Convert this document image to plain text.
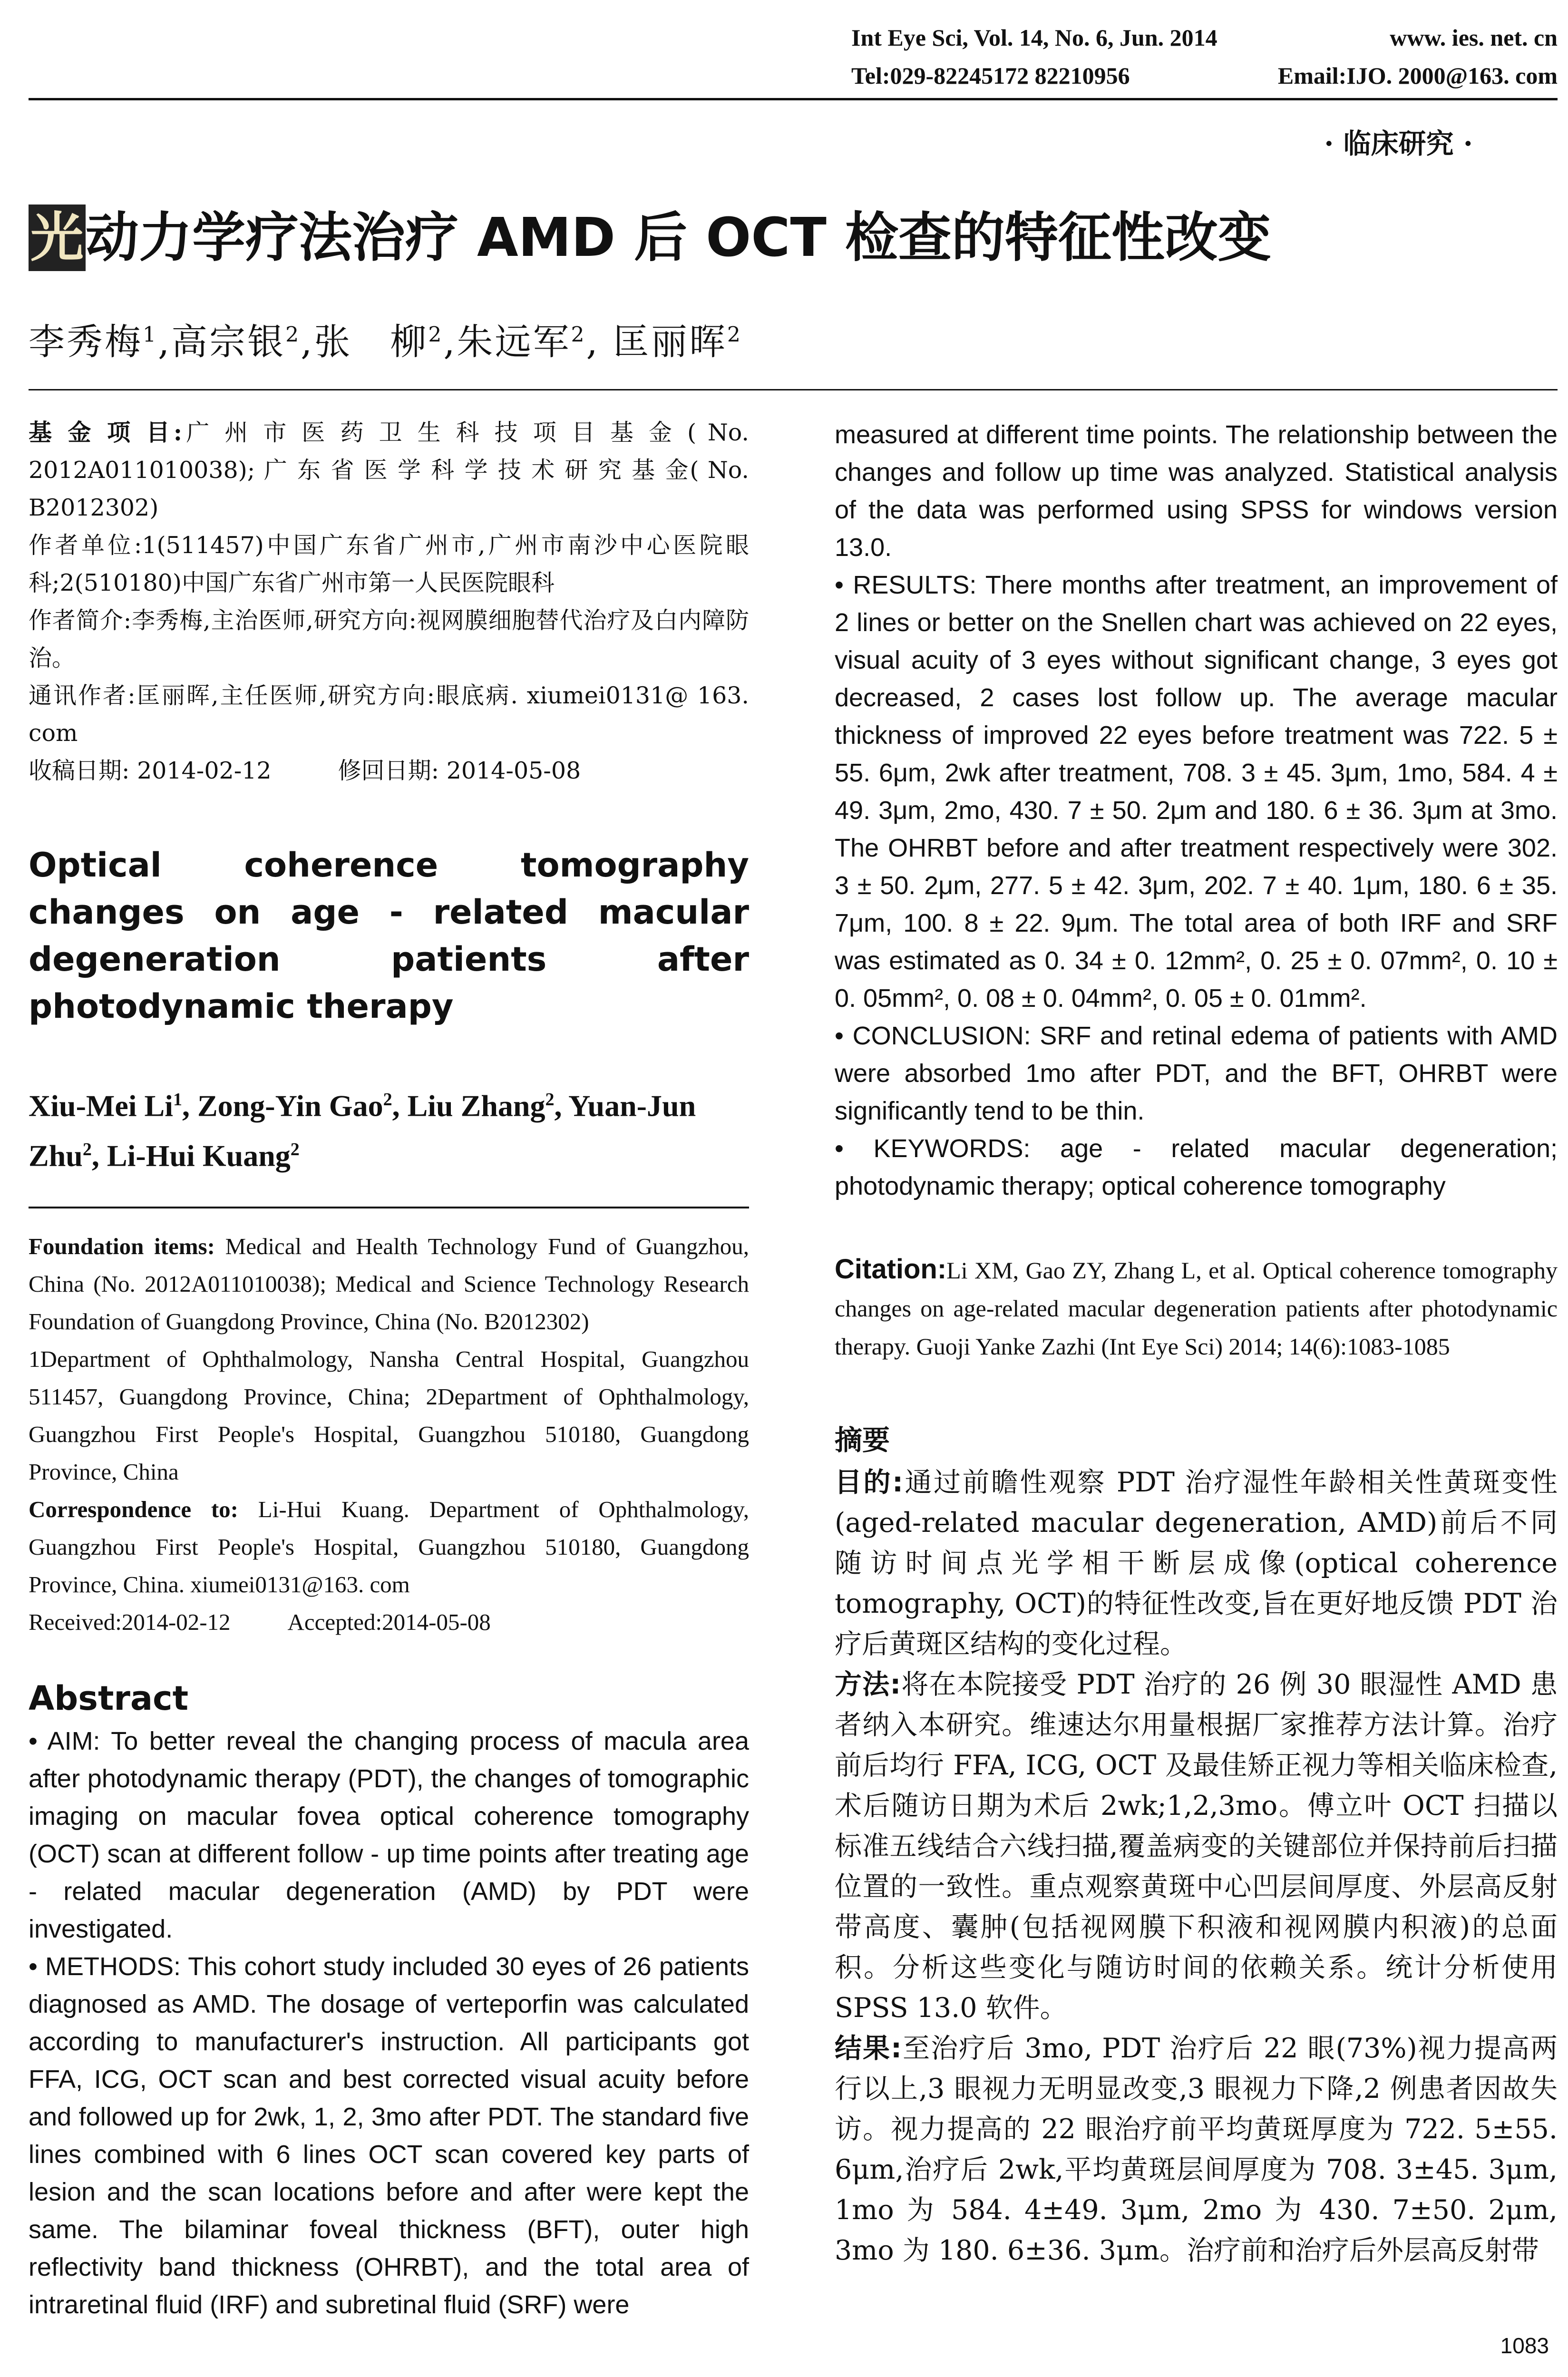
Int Eye Sci, Vol. 14, No. 6, Jun. 2014	www. ies. net. cn
Tel:029-82245172 82210956	Email:IJO. 2000@163. com
· 临床研究 ·
光动力学疗法治疗 AMD 后 OCT 检查的特征性改变
李秀梅$^1$,高宗银$^2$,张　柳$^2$,朱远军$^2$, 匡丽晖$^2$

基 金 项 目:广 州 市 医 药 卫 生 科 技 项 目 基 金 ( No. 2012A011010038); 广 东 省 医 学 科 学 技 术 研 究 基 金( No. B2012302)

作者单位:1(511457)中国广东省广州市,广州市南沙中心医院眼科;2(510180)中国广东省广州市第一人民医院眼科

作者简介:李秀梅,主治医师,研究方向:视网膜细胞替代治疗及白内障防治。

通讯作者:匡丽晖,主任医师,研究方向:眼底病. xiumei0131@ 163. com

收稿日期: 2014-02-12	修回日期: 2014-05-08

Optical coherence tomography changes on age - related macular degeneration patients after photodynamic therapy
Xiu-Mei Li$^1$, Zong-Yin Gao$^2$, Liu Zhang$^2$, Yuan-Jun Zhu$^2$, Li-Hui Kuang$^2$

Foundation items: Medical and Health Technology Fund of Guangzhou, China (No. 2012A011010038); Medical and Science Technology Research Foundation of Guangdong Province, China (No. B2012302)

1Department of Ophthalmology, Nansha Central Hospital, Guangzhou 511457, Guangdong Province, China; 2Department of Ophthalmology, Guangzhou First People's Hospital, Guangzhou 510180, Guangdong Province, China

Correspondence to: Li-Hui Kuang. Department of Ophthalmology, Guangzhou First People's Hospital, Guangzhou 510180, Guangdong Province, China. xiumei0131@163. com

Received:2014-02-12 Accepted:2014-05-08

Abstract

• AIM: To better reveal the changing process of macula area after photodynamic therapy (PDT), the changes of tomographic imaging on macular fovea optical coherence tomography (OCT) scan at different follow - up time points after treating age - related macular degeneration (AMD) by PDT were investigated.

• METHODS: This cohort study included 30 eyes of 26 patients diagnosed as AMD. The dosage of verteporfin was calculated according to manufacturer's instruction. All participants got FFA, ICG, OCT scan and best corrected visual acuity before and followed up for 2wk, 1, 2, 3mo after PDT. The standard five lines combined with 6 lines OCT scan covered key parts of lesion and the scan locations before and after were kept the same. The bilaminar foveal thickness (BFT), outer high reflectivity band thickness (OHRBT), and the total area of intraretinal fluid (IRF) and subretinal fluid (SRF) were

measured at different time points. The relationship between the changes and follow up time was analyzed. Statistical analysis of the data was performed using SPSS for windows version 13.0.

• RESULTS: There months after treatment, an improvement of 2 lines or better on the Snellen chart was achieved on 22 eyes, visual acuity of 3 eyes without significant change, 3 eyes got decreased, 2 cases lost follow up. The average macular thickness of improved 22 eyes before treatment was 722. 5 ± 55. 6μm, 2wk after treatment, 708. 3 ± 45. 3μm, 1mo, 584. 4 ± 49. 3μm, 2mo, 430. 7 ± 50. 2μm and 180. 6 ± 36. 3μm at 3mo. The OHRBT before and after treatment respectively were 302. 3 ± 50. 2μm, 277. 5 ± 42. 3μm, 202. 7 ± 40. 1μm, 180. 6 ± 35. 7μm, 100. 8 ± 22. 9μm. The total area of both IRF and SRF was estimated as 0. 34 ± 0. 12mm², 0. 25 ± 0. 07mm², 0. 10 ± 0. 05mm², 0. 08 ± 0. 04mm², 0. 05 ± 0. 01mm².

• CONCLUSION: SRF and retinal edema of patients with AMD were absorbed 1mo after PDT, and the BFT, OHRBT were significantly tend to be thin.

• KEYWORDS: age - related macular degeneration; photodynamic therapy; optical coherence tomography

Citation:Li XM, Gao ZY, Zhang L, et al. Optical coherence tomography changes on age-related macular degeneration patients after photodynamic therapy. Guoji Yanke Zazhi (Int Eye Sci) 2014; 14(6):1083-1085
摘要

目的:通过前瞻性观察 PDT 治疗湿性年龄相关性黄斑变性(aged-related macular degeneration, AMD)前后不同随访时间点光学相干断层成像(optical coherence tomography, OCT)的特征性改变,旨在更好地反馈 PDT 治疗后黄斑区结构的变化过程。

方法:将在本院接受 PDT 治疗的 26 例 30 眼湿性 AMD 患者纳入本研究。维速达尔用量根据厂家推荐方法计算。治疗前后均行 FFA, ICG, OCT 及最佳矫正视力等相关临床检查,术后随访日期为术后 2wk;1,2,3mo。傅立叶 OCT 扫描以标准五线结合六线扫描,覆盖病变的关键部位并保持前后扫描位置的一致性。重点观察黄斑中心凹层间厚度、外层高反射带高度、囊肿(包括视网膜下积液和视网膜内积液)的总面积。分析这些变化与随访时间的依赖关系。统计分析使用 SPSS 13.0 软件。

结果:至治疗后 3mo, PDT 治疗后 22 眼(73%)视力提高两行以上,3 眼视力无明显改变,3 眼视力下降,2 例患者因故失访。视力提高的 22 眼治疗前平均黄斑厚度为 722. 5±55. 6μm,治疗后 2wk,平均黄斑层间厚度为 708. 3±45. 3μm, 1mo 为 584. 4±49. 3μm, 2mo 为 430. 7±50. 2μm, 3mo 为 180. 6±36. 3μm。治疗前和治疗后外层高反射带

1083
